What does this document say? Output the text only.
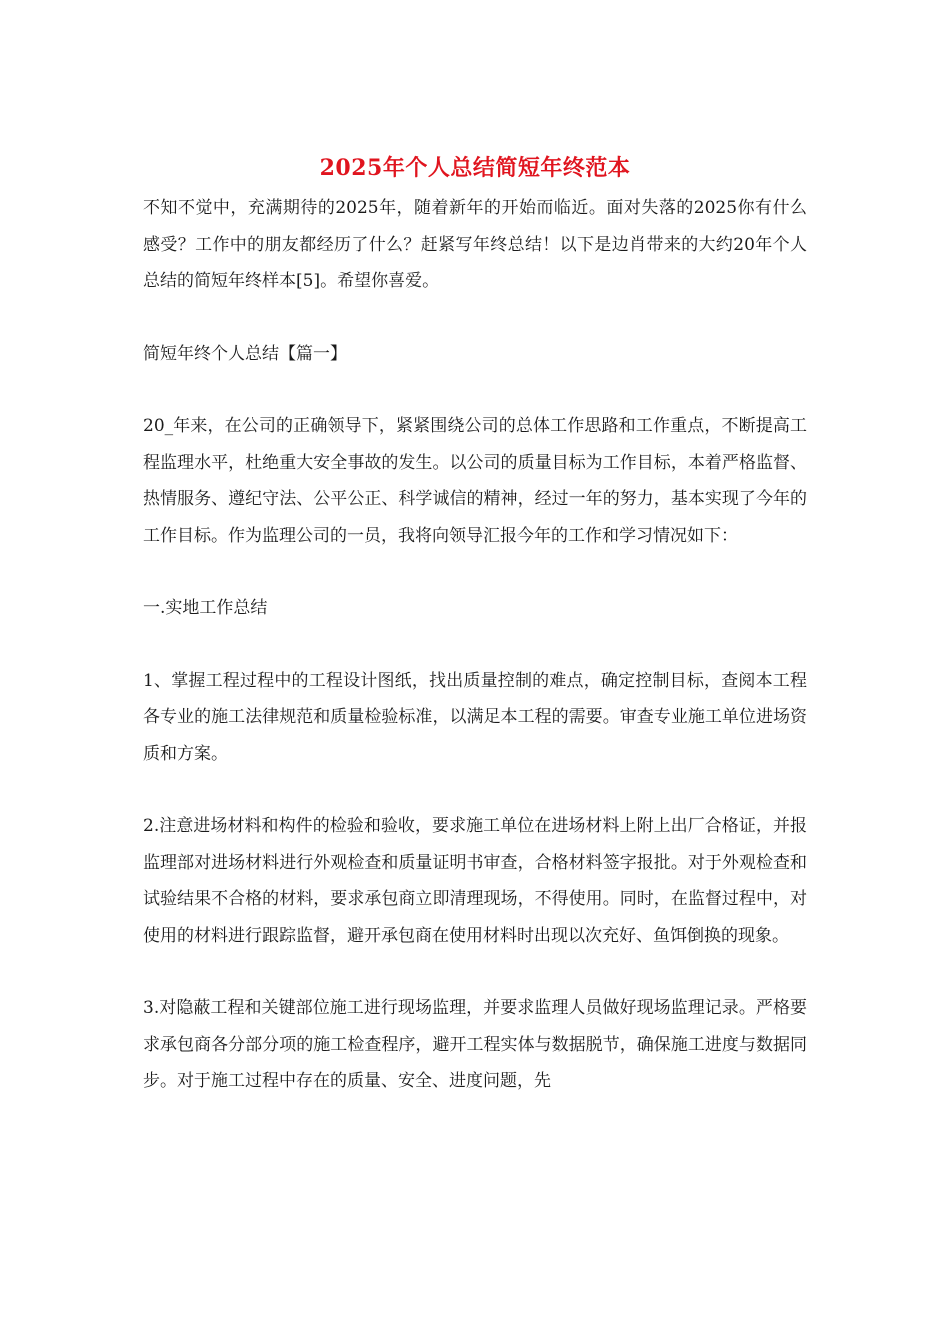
2025年个人总结简短年终范本

不知不觉中，充满期待的2025年，随着新年的开始而临近。面对失落的2025你有什么感受？工作中的朋友都经历了什么？赶紧写年终总结！以下是边肖带来的大约20年个人总结的简短年终样本[5]。希望你喜爱。

简短年终个人总结【篇一】

20_年来，在公司的正确领导下，紧紧围绕公司的总体工作思路和工作重点，不断提高工程监理水平，杜绝重大安全事故的发生。以公司的质量目标为工作目标，本着严格监督、热情服务、遵纪守法、公平公正、科学诚信的精神，经过一年的努力，基本实现了今年的工作目标。作为监理公司的一员，我将向领导汇报今年的工作和学习情况如下：

一.实地工作总结

1、掌握工程过程中的工程设计图纸，找出质量控制的难点，确定控制目标，查阅本工程各专业的施工法律规范和质量检验标准，以满足本工程的需要。审查专业施工单位进场资质和方案。

2.注意进场材料和构件的检验和验收，要求施工单位在进场材料上附上出厂合格证，并报监理部对进场材料进行外观检查和质量证明书审查，合格材料签字报批。对于外观检查和试验结果不合格的材料，要求承包商立即清理现场，不得使用。同时，在监督过程中，对使用的材料进行跟踪监督，避开承包商在使用材料时出现以次充好、鱼饵倒换的现象。

3.对隐蔽工程和关键部位施工进行现场监理，并要求监理人员做好现场监理记录。严格要求承包商各分部分项的施工检查程序，避开工程实体与数据脱节，确保施工进度与数据同步。对于施工过程中存在的质量、安全、进度问题，先
